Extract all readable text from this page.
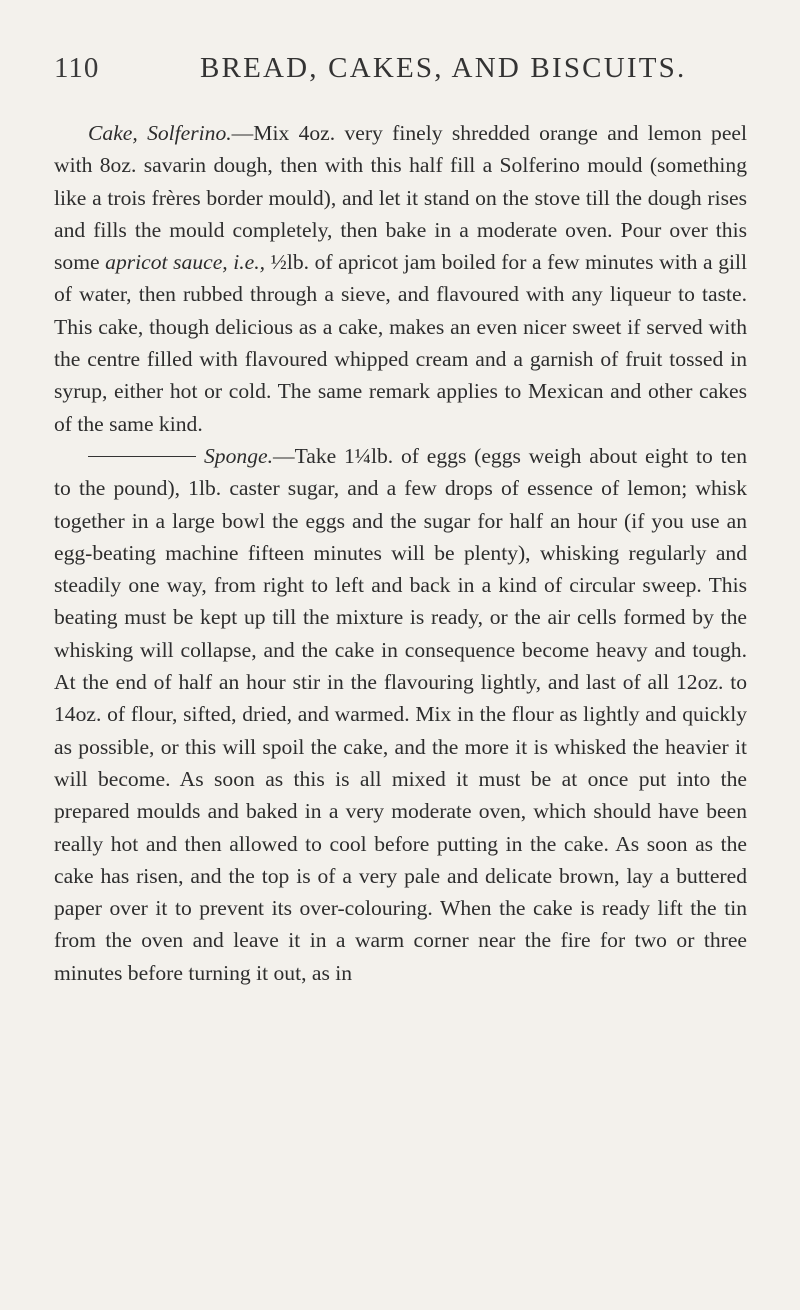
110	BREAD, CAKES, AND BISCUITS.

Cake, Solferino.—Mix 4oz. very finely shredded orange and lemon peel with 8oz. savarin dough, then with this half fill a Solferino mould (something like a trois frères border mould), and let it stand on the stove till the dough rises and fills the mould completely, then bake in a moderate oven. Pour over this some apricot sauce, i.e., ½lb. of apricot jam boiled for a few minutes with a gill of water, then rubbed through a sieve, and flavoured with any liqueur to taste. This cake, though delicious as a cake, makes an even nicer sweet if served with the centre filled with flavoured whipped cream and a garnish of fruit tossed in syrup, either hot or cold. The same remark applies to Mexican and other cakes of the same kind.

Sponge.—Take 1¼lb. of eggs (eggs weigh about eight to ten to the pound), 1lb. caster sugar, and a few drops of essence of lemon; whisk together in a large bowl the eggs and the sugar for half an hour (if you use an egg-beating machine fifteen minutes will be plenty), whisking regularly and steadily one way, from right to left and back in a kind of circular sweep. This beating must be kept up till the mixture is ready, or the air cells formed by the whisking will collapse, and the cake in consequence become heavy and tough. At the end of half an hour stir in the flavouring lightly, and last of all 12oz. to 14oz. of flour, sifted, dried, and warmed. Mix in the flour as lightly and quickly as possible, or this will spoil the cake, and the more it is whisked the heavier it will become. As soon as this is all mixed it must be at once put into the prepared moulds and baked in a very moderate oven, which should have been really hot and then allowed to cool before putting in the cake. As soon as the cake has risen, and the top is of a very pale and delicate brown, lay a buttered paper over it to prevent its over-colouring. When the cake is ready lift the tin from the oven and leave it in a warm corner near the fire for two or three minutes before turning it out, as in
